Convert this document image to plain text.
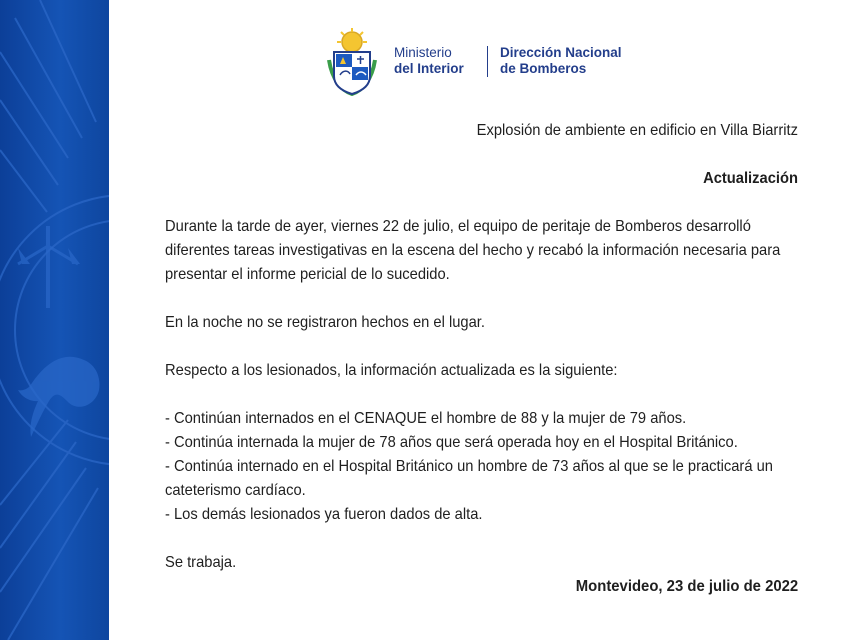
Ministerio
del Interior
Dirección Nacional
de Bomberos
Explosión de ambiente en edificio en Villa Biarritz
Actualización

Durante la tarde de ayer, viernes 22 de julio, el equipo de peritaje de Bomberos desarrolló diferentes tareas investigativas en la escena del hecho y recabó la información necesaria para presentar el informe pericial de lo sucedido.

En la noche no se registraron hechos en el lugar.

Respecto a los lesionados, la información actualizada es la siguiente:

- Continúan internados en el CENAQUE el hombre de 88 y la mujer de 79 años.
- Continúa internada la mujer de 78 años que será operada hoy en el Hospital Británico.
- Continúa internado en el Hospital Británico un hombre de 73 años al que se le practicará un cateterismo cardíaco.
- Los demás lesionados ya fueron dados de alta.

Se trabaja.

Montevideo, 23 de julio de 2022
